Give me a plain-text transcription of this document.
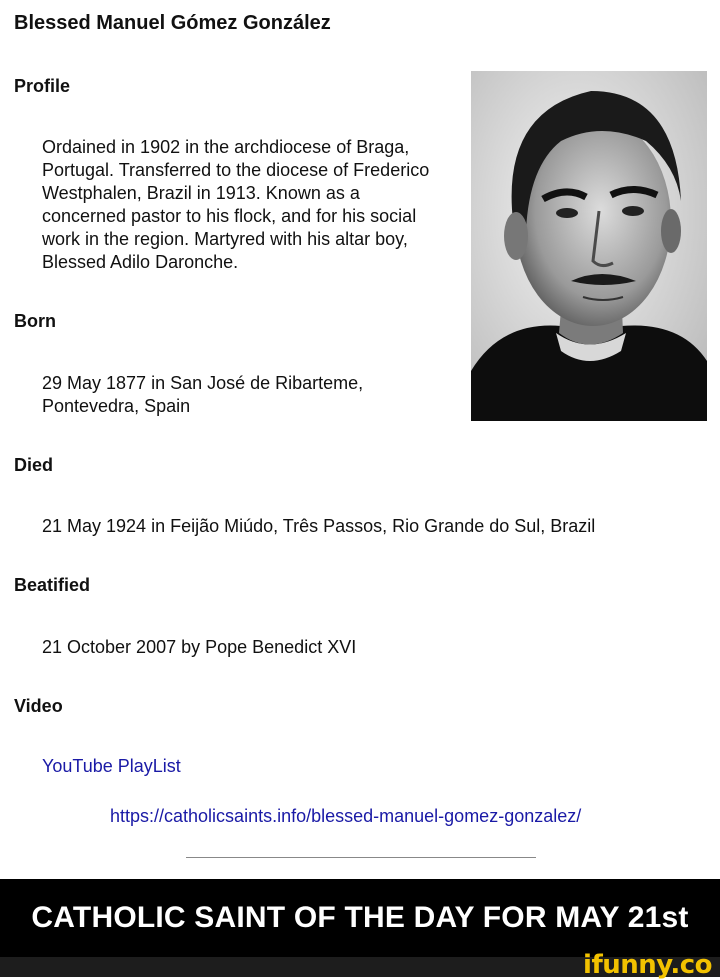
Blessed Manuel Gómez González
Profile
Ordained in 1902 in the archdiocese of Braga,
Portugal. Transferred to the diocese of Frederico
Westphalen, Brazil in 1913. Known as a
concerned pastor to his flock, and for his social
work in the region. Martyred with his altar boy,
Blessed Adilo Daronche.
Born
29 May 1877 in San José de Ribarteme,
Pontevedra, Spain
Died
21 May 1924 in Feijão Miúdo, Três Passos, Rio Grande do Sul, Brazil
Beatified
21 October 2007 by Pope Benedict XVI
Video
YouTube PlayList
https://catholicsaints.info/blessed-manuel-gomez-gonzalez/
CATHOLIC SAINT OF THE DAY FOR MAY 21st
ifunny.co
